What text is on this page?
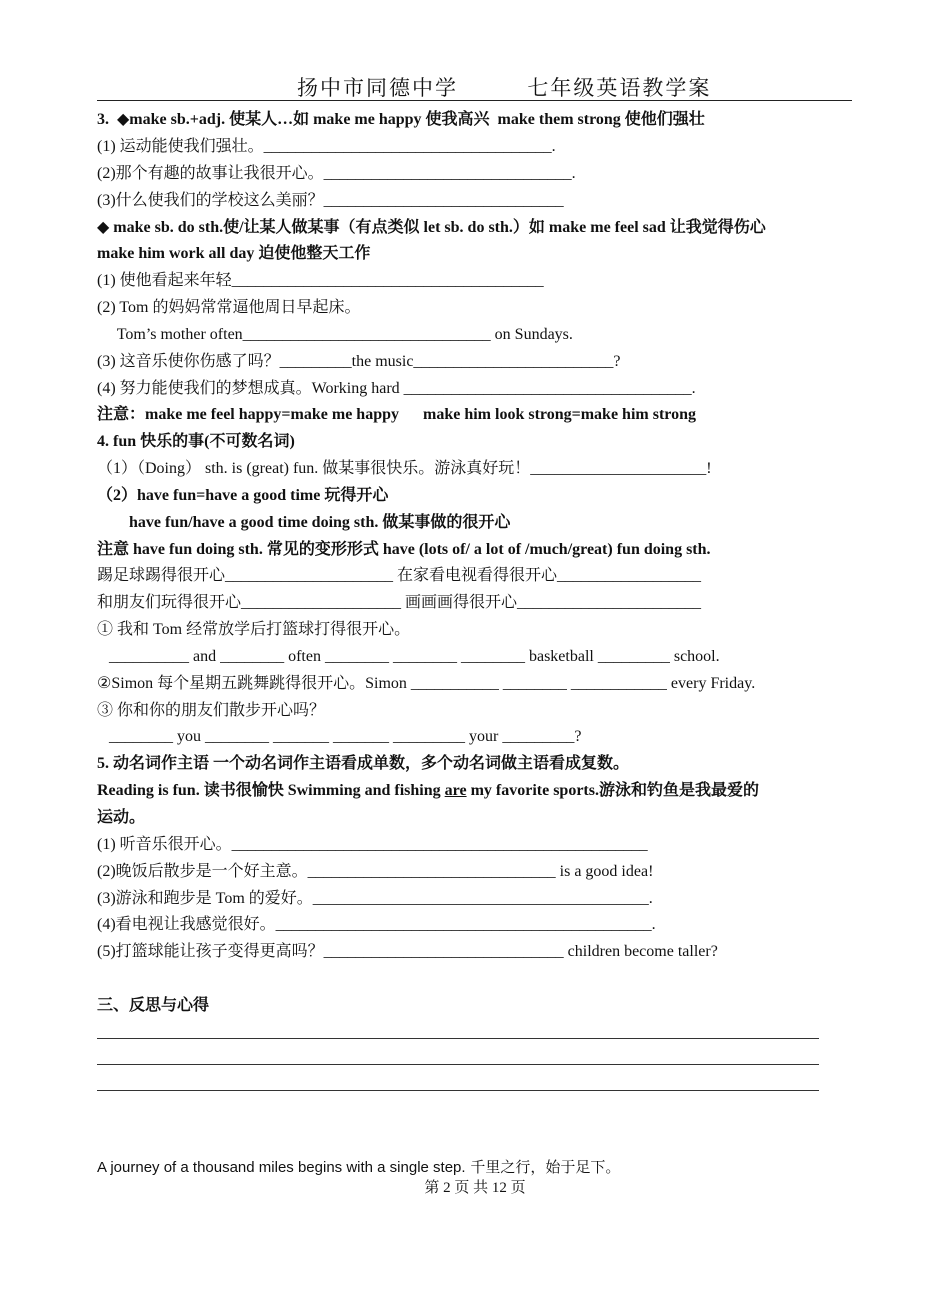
扬中市同德中学        七年级英语教学案
3.  ◆make sb.+adj. 使某人…如 make me happy 使我高兴  make them strong 使他们强壮
(1) 运动能使我们强壮。____________________________________.
(2)那个有趣的故事让我很开心。_______________________________.
(3)什么使我们的学校这么美丽？______________________________
◆ make sb. do sth.使/让某人做某事（有点类似 let sb. do sth.）如 make me feel sad 让我觉得伤心
make him work all day 迫使他整天工作
(1) 使他看起来年轻_______________________________________
(2) Tom 的妈妈常常逼他周日早起床。
Tom’s mother often_______________________________ on Sundays.
(3) 这音乐使你伤感了吗？_________the music_________________________?
(4) 努力能使我们的梦想成真。Working hard ____________________________________.
注意：make me feel happy=make me happy      make him look strong=make him strong
4. fun 快乐的事(不可数名词)
（1）（Doing） sth. is (great) fun. 做某事很快乐。游泳真好玩！______________________!
（2）have fun=have a good time 玩得开心
have fun/have a good time doing sth. 做某事做的很开心
注意 have fun doing sth. 常见的变形形式 have (lots of/ a lot of /much/great) fun doing sth.
踢足球踢得很开心_____________________ 在家看电视看得很开心__________________
和朋友们玩得很开心____________________ 画画画得很开心_______________________
① 我和 Tom 经常放学后打篮球打得很开心。
__________ and ________ often ________ ________ ________ basketball _________ school.
②Simon 每个星期五跳舞跳得很开心。Simon ___________ ________ ____________ every Friday.
③ 你和你的朋友们散步开心吗？
________ you ________ _______ _______ _________ your _________?
5. 动名词作主语 一个动名词作主语看成单数，多个动名词做主语看成复数。
Reading is fun. 读书很愉快 Swimming and fishing are my favorite sports.游泳和钓鱼是我最爱的
运动。
(1) 听音乐很开心。____________________________________________________
(2)晚饭后散步是一个好主意。_______________________________ is a good idea!
(3)游泳和跑步是 Tom 的爱好。__________________________________________.
(4)看电视让我感觉很好。_______________________________________________.
(5)打篮球能让孩子变得更高吗？______________________________ children become taller?
三、反思与心得
A journey of a thousand miles begins with a single step. 千里之行，始于足下。
第 2 页 共 12 页
